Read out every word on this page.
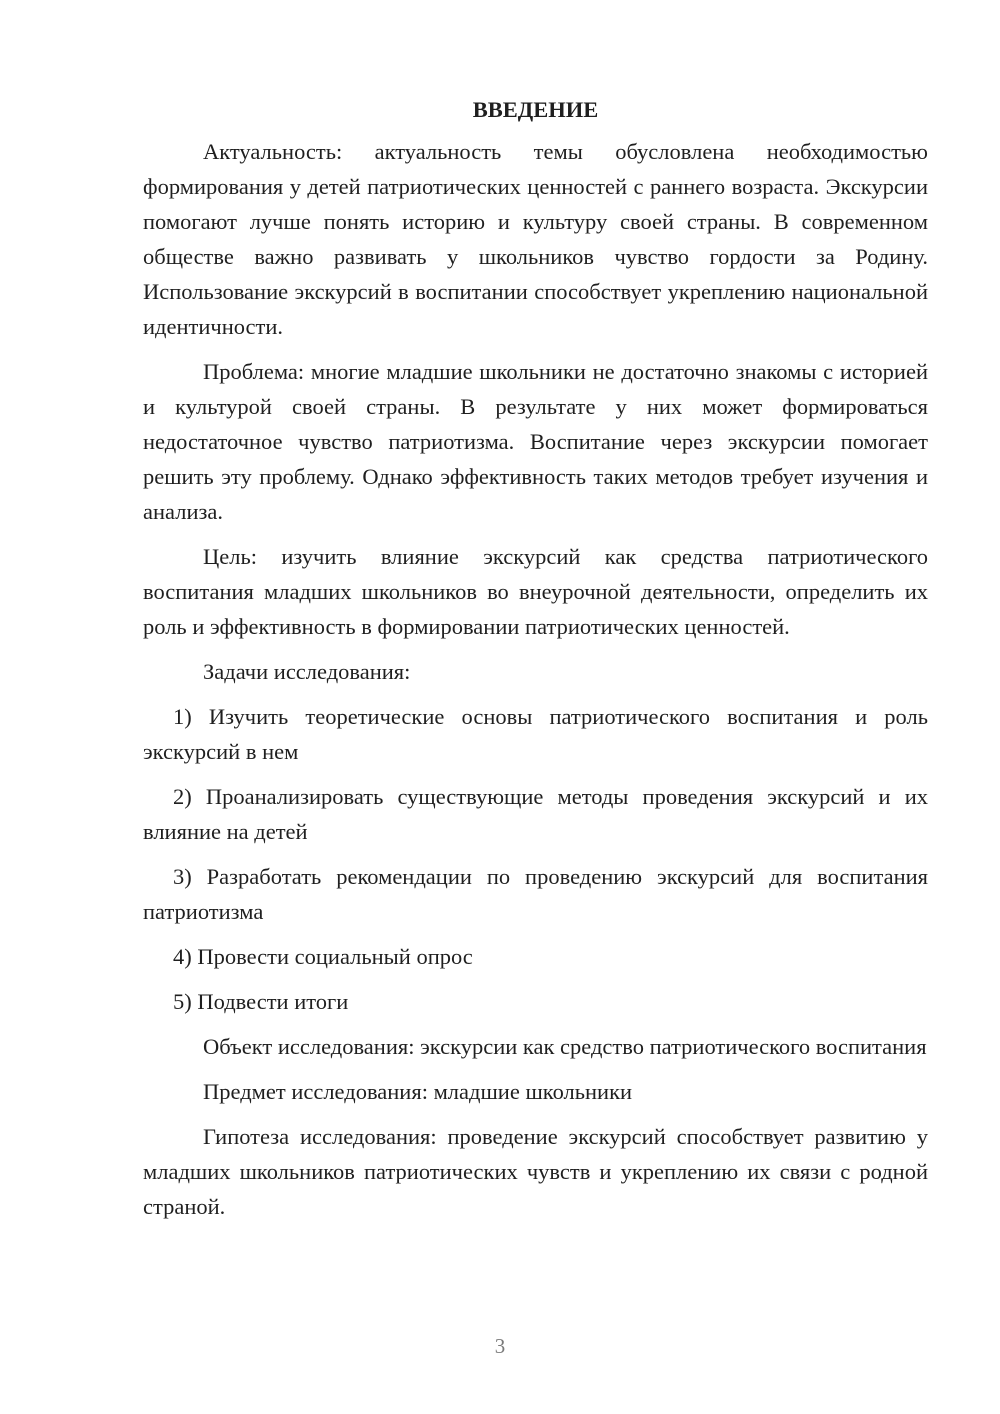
ВВЕДЕНИЕ

Актуальность: актуальность темы обусловлена необходимостью формирования у детей патриотических ценностей с раннего возраста. Экскурсии помогают лучше понять историю и культуру своей страны. В современном обществе важно развивать у школьников чувство гордости за Родину. Использование экскурсий в воспитании способствует укреплению национальной идентичности.

Проблема: многие младшие школьники не достаточно знакомы с историей и культурой своей страны. В результате у них может формироваться недостаточное чувство патриотизма. Воспитание через экскурсии помогает решить эту проблему. Однако эффективность таких методов требует изучения и анализа.

Цель: изучить влияние экскурсий как средства патриотического воспитания младших школьников во внеурочной деятельности, определить их роль и эффективность в формировании патриотических ценностей.

Задачи исследования:

1) Изучить теоретические основы патриотического воспитания и роль экскурсий в нем

2) Проанализировать существующие методы проведения экскурсий и их влияние на детей

3) Разработать рекомендации по проведению экскурсий для воспитания патриотизма

4) Провести социальный опрос

5) Подвести итоги

Объект исследования: экскурсии как средство патриотического воспитания

Предмет исследования: младшие школьники

Гипотеза исследования: проведение экскурсий способствует развитию у младших школьников патриотических чувств и укреплению их связи с родной страной.

3
